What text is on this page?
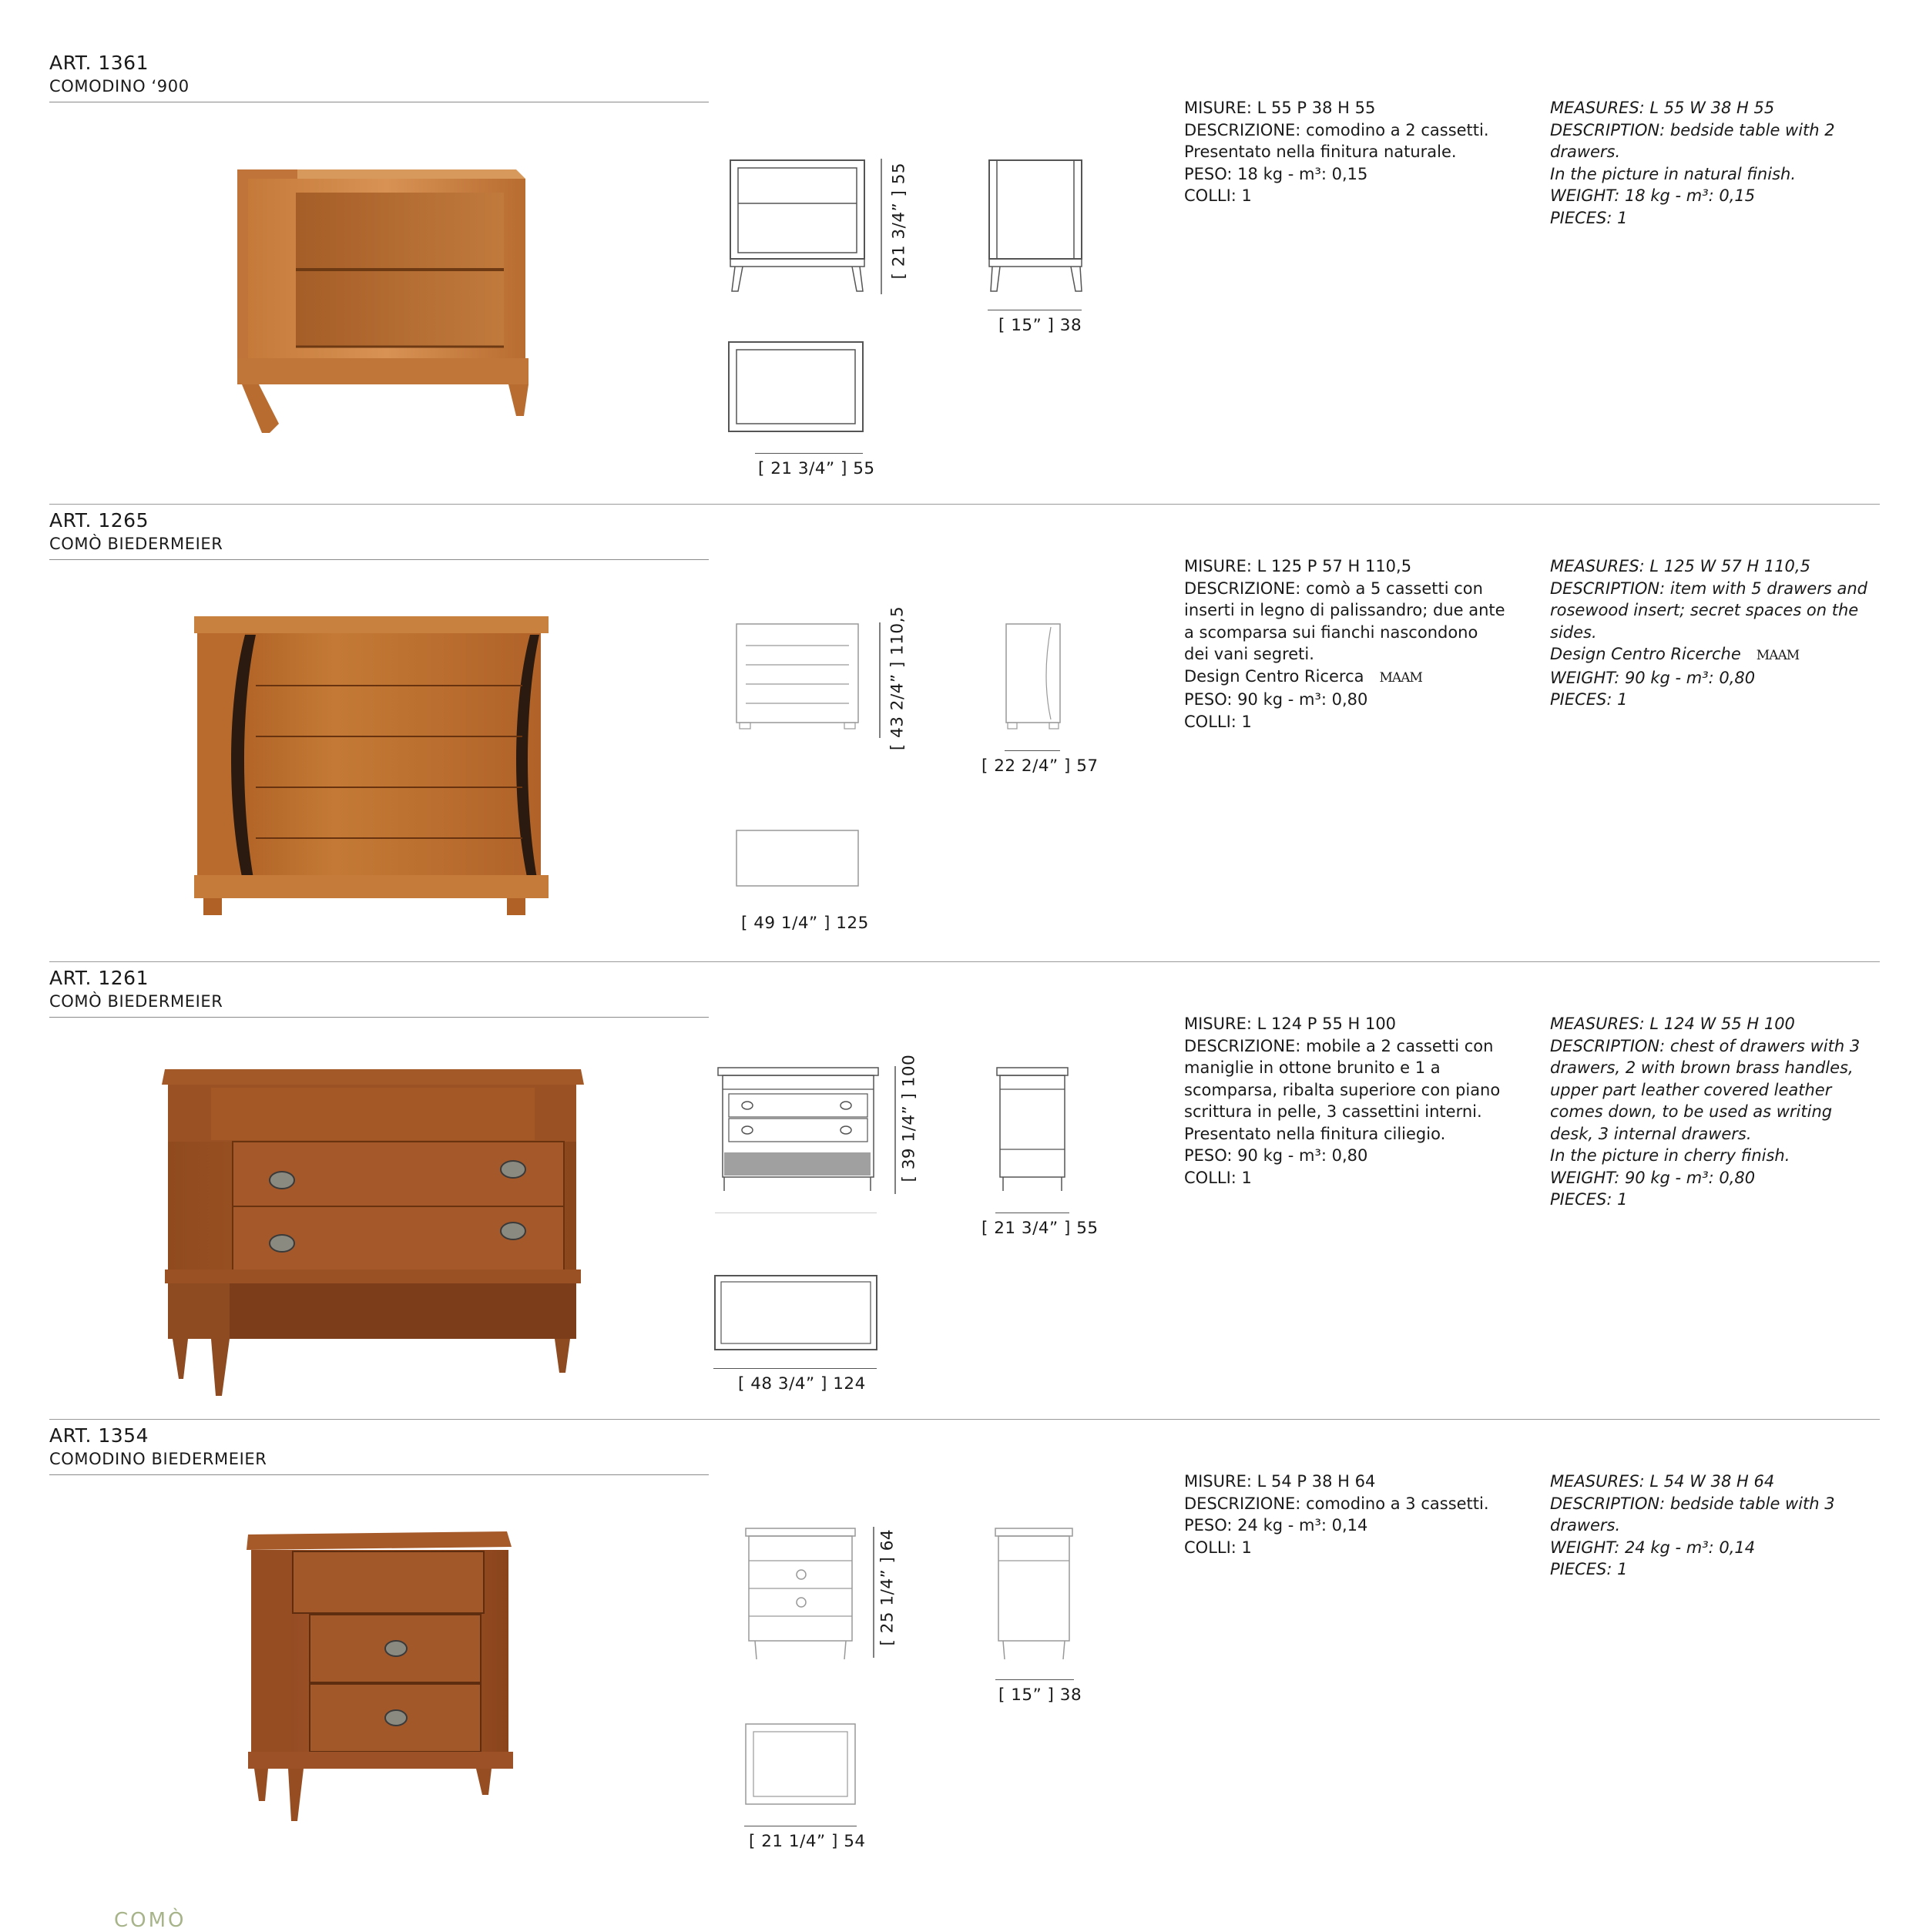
ART. 1361
COMODINO ‘900
[ 21 3/4” ] 55
[ 15” ] 38
[ 21 3/4” ] 55

MISURE: L 55 P 38 H 55

DESCRIZIONE: comodino a 2 cassetti.

Presentato nella finitura naturale.

PESO: 18 kg - m³: 0,15

COLLI: 1

MEASURES: L 55 W 38 H 55

DESCRIPTION: bedside table with 2 drawers.

In the picture in natural finish.

WEIGHT: 18 kg - m³: 0,15

PIECES: 1

ART. 1265
COMÒ BIEDERMEIER
[ 43 2/4” ] 110,5
[ 22 2/4” ] 57
[ 49 1/4” ] 125

MISURE: L 125 P 57 H 110,5

DESCRIZIONE: comò a 5 cassetti con inserti in legno di palissandro; due ante a scomparsa sui fianchi nascondono dei vani segreti.

Design Centro Ricerca MAAM

PESO: 90 kg - m³: 0,80

COLLI: 1

MEASURES: L 125 W 57 H 110,5

DESCRIPTION: item with 5 drawers and rosewood insert; secret spaces on the sides.

Design Centro Ricerche MAAM

WEIGHT: 90 kg - m³: 0,80

PIECES: 1

ART. 1261
COMÒ BIEDERMEIER
[ 39 1/4” ] 100
[ 21 3/4” ] 55
[ 48 3/4” ] 124

MISURE: L 124 P 55 H 100

DESCRIZIONE: mobile a 2 cassetti con maniglie in ottone brunito e 1 a scomparsa, ribalta superiore con piano scrittura in pelle, 3 cassettini interni.

Presentato nella finitura ciliegio.

PESO: 90 kg - m³: 0,80

COLLI: 1

MEASURES: L 124 W 55 H 100

DESCRIPTION: chest of drawers with 3 drawers, 2 with brown brass handles, upper part leather covered leather comes down, to be used as writing desk, 3 internal drawers.

In the picture in cherry finish.

WEIGHT: 90 kg - m³: 0,80

PIECES: 1

ART. 1354
COMODINO BIEDERMEIER
[ 25 1/4” ] 64
[ 15” ] 38
[ 21 1/4” ] 54

MISURE: L 54 P 38 H 64

DESCRIZIONE: comodino a 3 cassetti.

PESO: 24 kg - m³: 0,14

COLLI: 1

MEASURES: L 54 W 38 H 64

DESCRIPTION: bedside table with 3 drawers.

WEIGHT: 24 kg - m³: 0,14

PIECES: 1

COMÒ
